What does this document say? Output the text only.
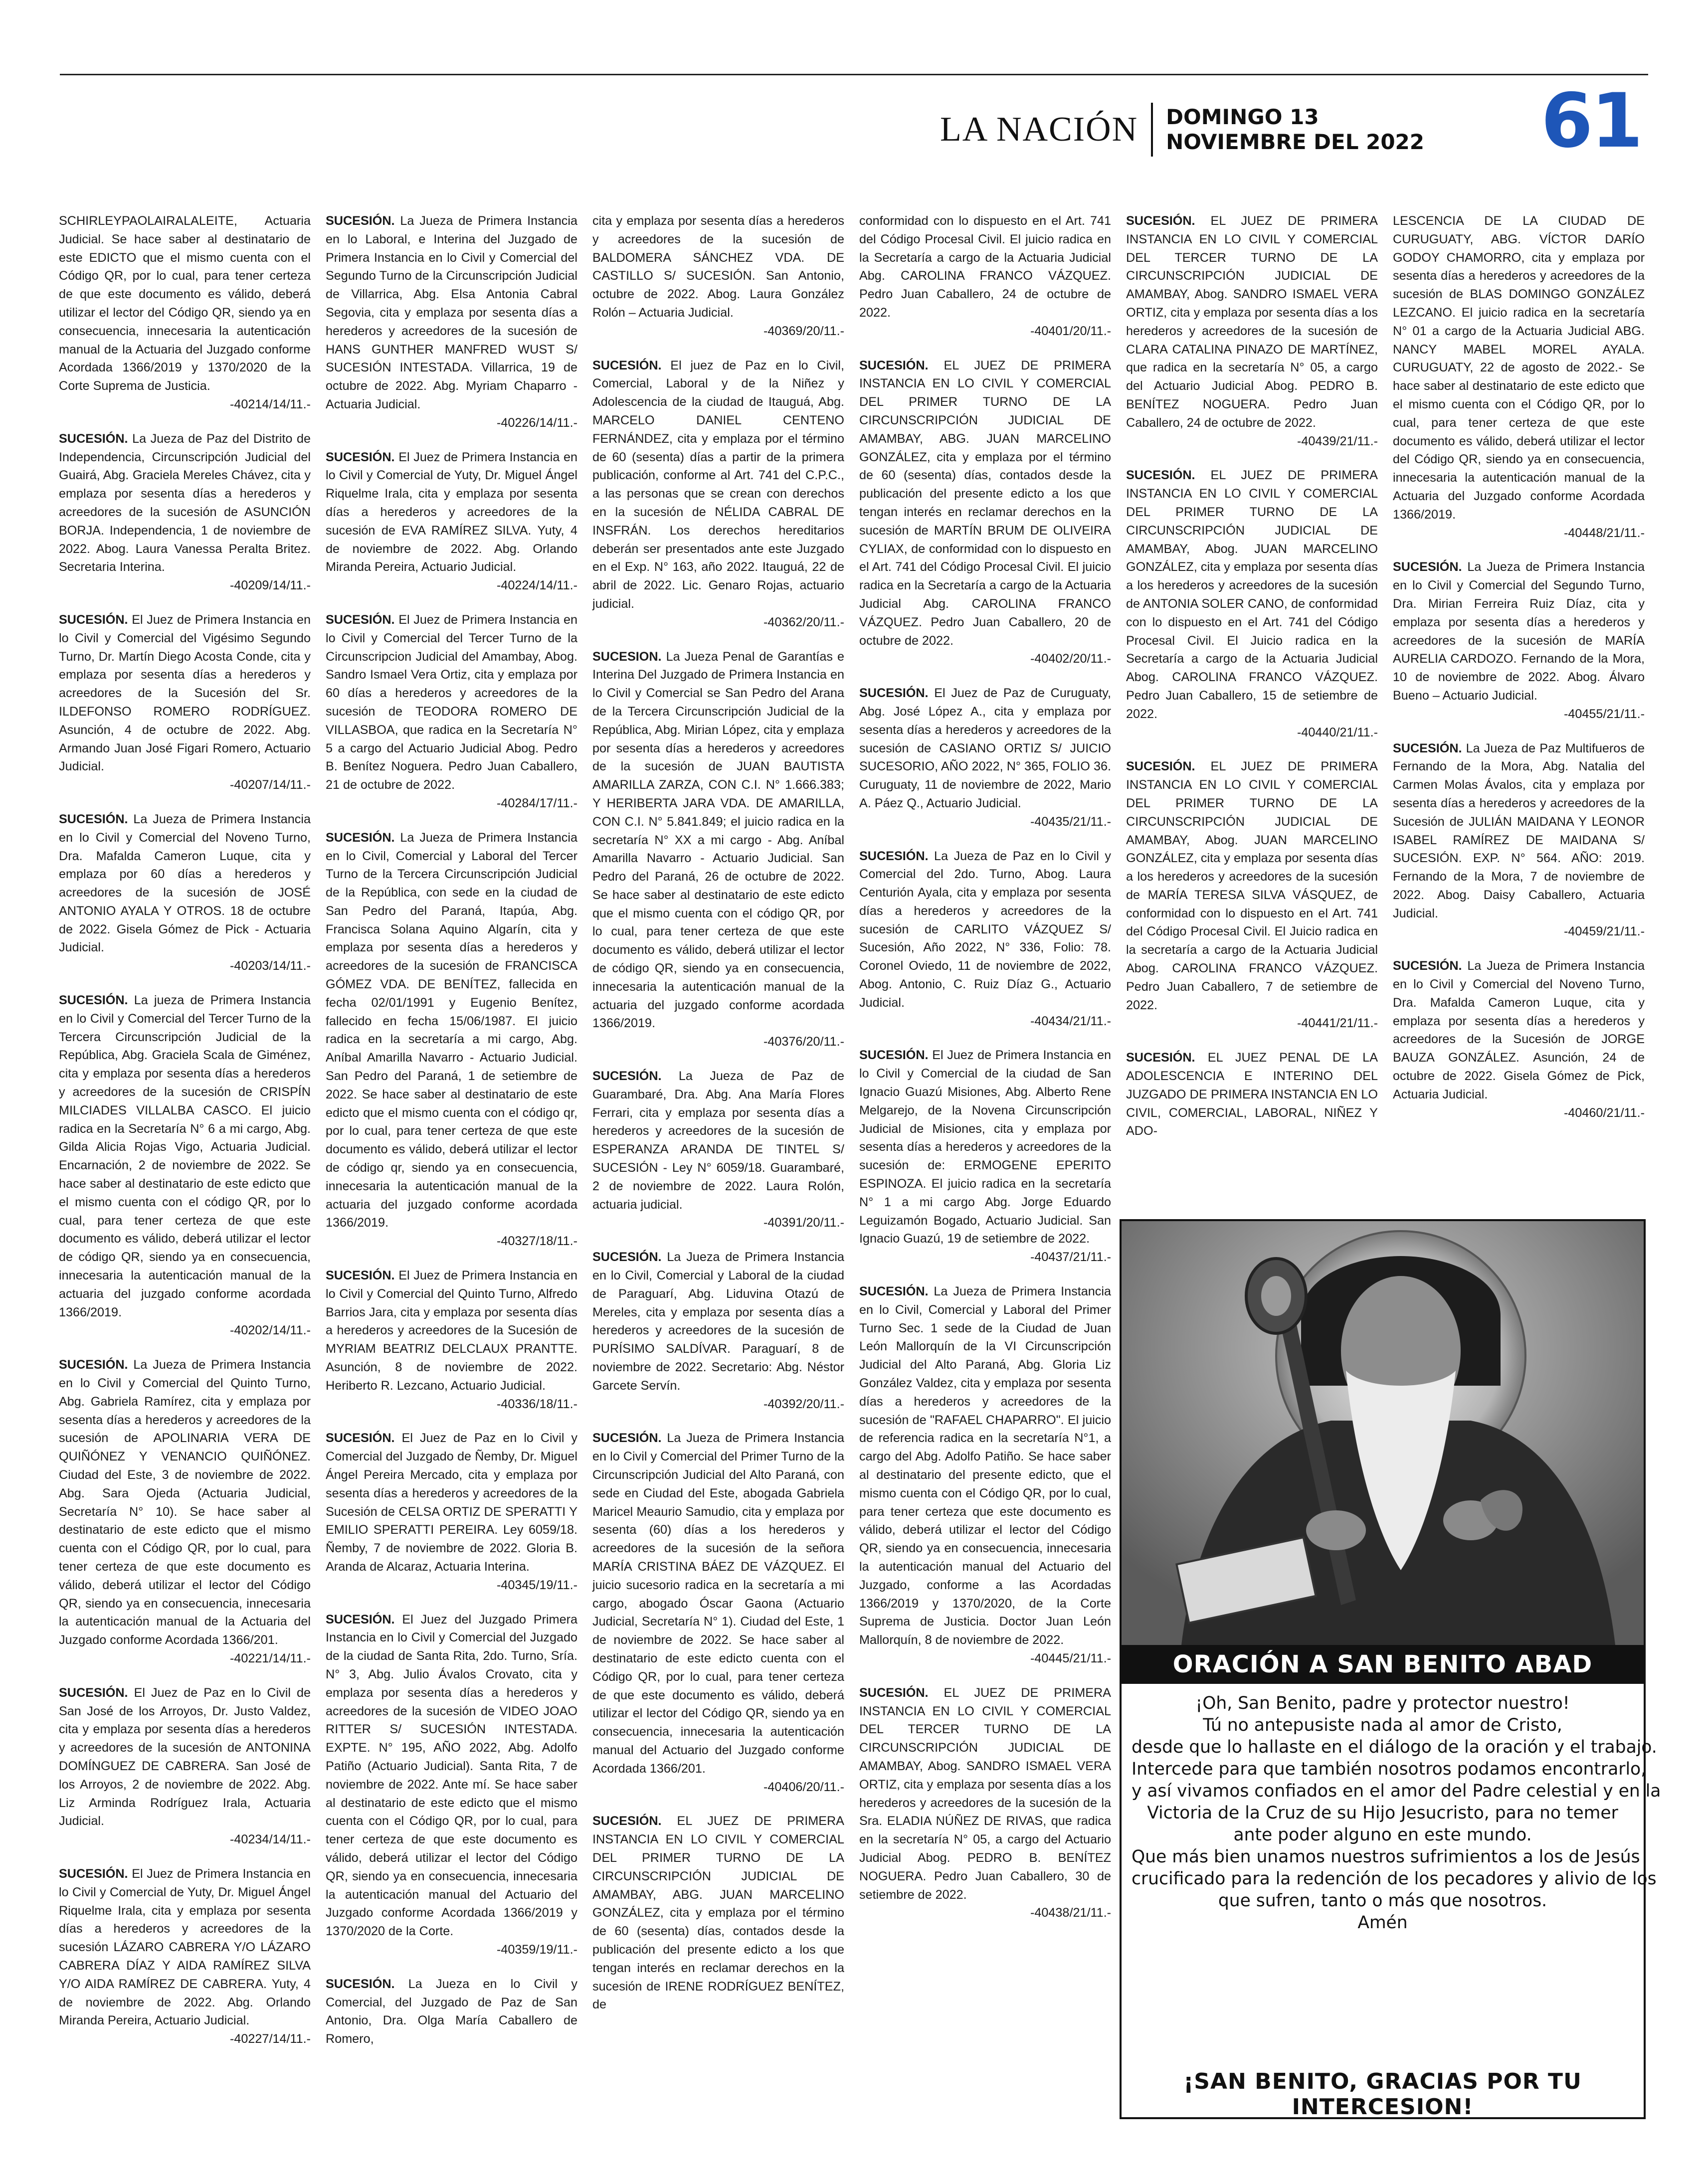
LA NACIÓN DOMINGO 13
NOVIEMBRE DEL 2022 61

SCHIRLEYPAOLAIRALALEITE, Actuaria Judicial. Se hace saber al destinatario de este EDICTO que el mismo cuenta con el Código QR, por lo cual, para tener certeza de que este documento es válido, deberá utilizar el lector del Código QR, siendo ya en consecuencia, innecesaria la autenticación manual de la Actuaria del Juzgado conforme Acordada 1366/2019 y 1370/2020 de la Corte Suprema de Justicia.
-40214/14/11.-

SUCESIÓN. La Jueza de Paz del Distrito de Independencia, Circunscripción Judicial del Guairá, Abg. Graciela Mereles Chávez, cita y emplaza por sesenta días a herederos y acreedores de la sucesión de ASUNCIÓN BORJA. Independencia, 1 de noviembre de 2022. Abog. Laura Vanessa Peralta Britez. Secretaria Interina.
-40209/14/11.-

SUCESIÓN. El Juez de Primera Instancia en lo Civil y Comercial del Vigésimo Segundo Turno, Dr. Martín Diego Acosta Conde, cita y emplaza por sesenta días a herederos y acreedores de la Sucesión del Sr. ILDEFONSO ROMERO RODRÍGUEZ. Asunción, 4 de octubre de 2022. Abg. Armando Juan José Figari Romero, Actuario Judicial.
-40207/14/11.-

SUCESIÓN. La Jueza de Primera Instancia en lo Civil y Comercial del Noveno Turno, Dra. Mafalda Cameron Luque, cita y emplaza por 60 días a herederos y acreedores de la sucesión de JOSÉ ANTONIO AYALA Y OTROS. 18 de octubre de 2022. Gisela Gómez de Pick - Actuaria Judicial.
-40203/14/11.-

SUCESIÓN. La jueza de Primera Instancia en lo Civil y Comercial del Tercer Turno de la Tercera Circunscripción Judicial de la República, Abg. Graciela Scala de Giménez, cita y emplaza por sesenta días a herederos y acreedores de la sucesión de CRISPÍN MILCIADES VILLALBA CASCO. El juicio radica en la Secretaría N° 6 a mi cargo, Abg. Gilda Alicia Rojas Vigo, Actuaria Judicial. Encarnación, 2 de noviembre de 2022. Se hace saber al destinatario de este edicto que el mismo cuenta con el código QR, por lo cual, para tener certeza de que este documento es válido, deberá utilizar el lector de código QR, siendo ya en consecuencia, innecesaria la autenticación manual de la actuaria del juzgado conforme acordada 1366/2019.
-40202/14/11.-

SUCESIÓN. La Jueza de Primera Instancia en lo Civil y Comercial del Quinto Turno, Abg. Gabriela Ramírez, cita y emplaza por sesenta días a herederos y acreedores de la sucesión de APOLINARIA VERA DE QUIÑÓNEZ Y VENANCIO QUIÑÓNEZ. Ciudad del Este, 3 de noviembre de 2022. Abg. Sara Ojeda (Actuaria Judicial, Secretaría N° 10). Se hace saber al destinatario de este edicto que el mismo cuenta con el Código QR, por lo cual, para tener certeza de que este documento es válido, deberá utilizar el lector del Código QR, siendo ya en consecuencia, innecesaria la autenticación manual de la Actuaria del Juzgado conforme Acordada 1366/201.
-40221/14/11.-

SUCESIÓN. El Juez de Paz en lo Civil de San José de los Arroyos, Dr. Justo Valdez, cita y emplaza por sesenta días a herederos y acreedores de la sucesión de ANTONINA DOMÍNGUEZ DE CABRERA. San José de los Arroyos, 2 de noviembre de 2022. Abg. Liz Arminda Rodríguez Irala, Actuaria Judicial.
-40234/14/11.-

SUCESIÓN. El Juez de Primera Instancia en lo Civil y Comercial de Yuty, Dr. Miguel Ángel Riquelme Irala, cita y emplaza por sesenta días a herederos y acreedores de la sucesión LÁZARO CABRERA Y/O LÁZARO CABRERA DÍAZ Y AIDA RAMÍREZ SILVA Y/O AIDA RAMÍREZ DE CABRERA. Yuty, 4 de noviembre de 2022. Abg. Orlando Miranda Pereira, Actuario Judicial.
-40227/14/11.-

SUCESIÓN. La Jueza de Primera Instancia en lo Laboral, e Interina del Juzgado de Primera Instancia en lo Civil y Comercial del Segundo Turno de la Circunscripción Judicial de Villarrica, Abg. Elsa Antonia Cabral Segovia, cita y emplaza por sesenta días a herederos y acreedores de la sucesión de HANS GUNTHER MANFRED WUST S/ SUCESIÓN INTESTADA. Villarrica, 19 de octubre de 2022. Abg. Myriam Chaparro - Actuaria Judicial.
-40226/14/11.-

SUCESIÓN. El Juez de Primera Instancia en lo Civil y Comercial de Yuty, Dr. Miguel Ángel Riquelme Irala, cita y emplaza por sesenta días a herederos y acreedores de la sucesión de EVA RAMÍREZ SILVA. Yuty, 4 de noviembre de 2022. Abg. Orlando Miranda Pereira, Actuario Judicial.
-40224/14/11.-

SUCESIÓN. El Juez de Primera Instancia en lo Civil y Comercial del Tercer Turno de la Circunscripcion Judicial del Amambay, Abog. Sandro Ismael Vera Ortiz, cita y emplaza por 60 días a herederos y acreedores de la sucesión de TEODORA ROMERO DE VILLASBOA, que radica en la Secretaría N° 5 a cargo del Actuario Judicial Abog. Pedro B. Benítez Noguera. Pedro Juan Caballero, 21 de octubre de 2022.
-40284/17/11.-

SUCESIÓN. La Jueza de Primera Instancia en lo Civil, Comercial y Laboral del Tercer Turno de la Tercera Circunscripción Judicial de la República, con sede en la ciudad de San Pedro del Paraná, Itapúa, Abg. Francisca Solana Aquino Algarín, cita y emplaza por sesenta días a herederos y acreedores de la sucesión de FRANCISCA GÓMEZ VDA. DE BENÍTEZ, fallecida en fecha 02/01/1991 y Eugenio Benítez, fallecido en fecha 15/06/1987. El juicio radica en la secretaría a mi cargo, Abg. Aníbal Amarilla Navarro - Actuario Judicial. San Pedro del Paraná, 1 de setiembre de 2022. Se hace saber al destinatario de este edicto que el mismo cuenta con el código qr, por lo cual, para tener certeza de que este documento es válido, deberá utilizar el lector de código qr, siendo ya en consecuencia, innecesaria la autenticación manual de la actuaria del juzgado conforme acordada 1366/2019.
-40327/18/11.-

SUCESIÓN. El Juez de Primera Instancia en lo Civil y Comercial del Quinto Turno, Alfredo Barrios Jara, cita y emplaza por sesenta días a herederos y acreedores de la Sucesión de MYRIAM BEATRIZ DELCLAUX PRANTTE. Asunción, 8 de noviembre de 2022. Heriberto R. Lezcano, Actuario Judicial.
-40336/18/11.-

SUCESIÓN. El Juez de Paz en lo Civil y Comercial del Juzgado de Ñemby, Dr. Miguel Ángel Pereira Mercado, cita y emplaza por sesenta días a herederos y acreedores de la Sucesión de CELSA ORTIZ DE SPERATTI Y EMILIO SPERATTI PEREIRA. Ley 6059/18. Ñemby, 7 de noviembre de 2022. Gloria B. Aranda de Alcaraz, Actuaria Interina.
-40345/19/11.-

SUCESIÓN. El Juez del Juzgado Primera Instancia en lo Civil y Comercial del Juzgado de la ciudad de Santa Rita, 2do. Turno, Sría. N° 3, Abg. Julio Ávalos Crovato, cita y emplaza por sesenta días a herederos y acreedores de la sucesión de VIDEO JOAO RITTER S/ SUCESIÓN INTESTADA. EXPTE. N° 195, AÑO 2022, Abg. Adolfo Patiño (Actuario Judicial). Santa Rita, 7 de noviembre de 2022. Ante mí. Se hace saber al destinatario de este edicto que el mismo cuenta con el Código QR, por lo cual, para tener certeza de que este documento es válido, deberá utilizar el lector del Código QR, siendo ya en consecuencia, innecesaria la autenticación manual del Actuario del Juzgado conforme Acordada 1366/2019 y 1370/2020 de la Corte.
-40359/19/11.-

SUCESIÓN. La Jueza en lo Civil y Comercial, del Juzgado de Paz de San Antonio, Dra. Olga María Caballero de Romero,

cita y emplaza por sesenta días a herederos y acreedores de la sucesión de BALDOMERA SÁNCHEZ VDA. DE CASTILLO S/ SUCESIÓN. San Antonio, octubre de 2022. Abog. Laura González Rolón – Actuaria Judicial.
-40369/20/11.-

SUCESIÓN. El juez de Paz en lo Civil, Comercial, Laboral y de la Niñez y Adolescencia de la ciudad de Itauguá, Abg. MARCELO DANIEL CENTENO FERNÁNDEZ, cita y emplaza por el término de 60 (sesenta) días a partir de la primera publicación, conforme al Art. 741 del C.P.C., a las personas que se crean con derechos en la sucesión de NÉLIDA CABRAL DE INSFRÁN. Los derechos hereditarios deberán ser presentados ante este Juzgado en el Exp. N° 163, año 2022. Itauguá, 22 de abril de 2022. Lic. Genaro Rojas, actuario judicial.
-40362/20/11.-

SUCESION. La Jueza Penal de Garantías e Interina Del Juzgado de Primera Instancia en lo Civil y Comercial se San Pedro del Arana de la Tercera Circunscripción Judicial de la República, Abg. Mirian López, cita y emplaza por sesenta días a herederos y acreedores de la sucesión de JUAN BAUTISTA AMARILLA ZARZA, CON C.I. N° 1.666.383; Y HERIBERTA JARA VDA. DE AMARILLA, CON C.I. N° 5.841.849; el juicio radica en la secretaría N° XX a mi cargo - Abg. Aníbal Amarilla Navarro - Actuario Judicial. San Pedro del Paraná, 26 de octubre de 2022. Se hace saber al destinatario de este edicto que el mismo cuenta con el código QR, por lo cual, para tener certeza de que este documento es válido, deberá utilizar el lector de código QR, siendo ya en consecuencia, innecesaria la autenticación manual de la actuaria del juzgado conforme acordada 1366/2019.
-40376/20/11.-

SUCESIÓN. La Jueza de Paz de Guarambaré, Dra. Abg. Ana María Flores Ferrari, cita y emplaza por sesenta días a herederos y acreedores de la sucesión de ESPERANZA ARANDA DE TINTEL S/ SUCESIÓN - Ley N° 6059/18. Guarambaré, 2 de noviembre de 2022. Laura Rolón, actuaria judicial.
-40391/20/11.-

SUCESIÓN. La Jueza de Primera Instancia en lo Civil, Comercial y Laboral de la ciudad de Paraguarí, Abg. Liduvina Otazú de Mereles, cita y emplaza por sesenta días a herederos y acreedores de la sucesión de PURÍSIMO SALDÍVAR. Paraguarí, 8 de noviembre de 2022. Secretario: Abg. Néstor Garcete Servín.
-40392/20/11.-

SUCESIÓN. La Jueza de Primera Instancia en lo Civil y Comercial del Primer Turno de la Circunscripción Judicial del Alto Paraná, con sede en Ciudad del Este, abogada Gabriela Maricel Meaurio Samudio, cita y emplaza por sesenta (60) días a los herederos y acreedores de la sucesión de la señora MARÍA CRISTINA BÁEZ DE VÁZQUEZ. El juicio sucesorio radica en la secretaría a mi cargo, abogado Óscar Gaona (Actuario Judicial, Secretaría N° 1). Ciudad del Este, 1 de noviembre de 2022. Se hace saber al destinatario de este edicto cuenta con el Código QR, por lo cual, para tener certeza de que este documento es válido, deberá utilizar el lector del Código QR, siendo ya en consecuencia, innecesaria la autenticación manual del Actuario del Juzgado conforme Acordada 1366/201.
-40406/20/11.-

SUCESIÓN. EL JUEZ DE PRIMERA INSTANCIA EN LO CIVIL Y COMERCIAL DEL PRIMER TURNO DE LA CIRCUNSCRIPCIÓN JUDICIAL DE AMAMBAY, ABG. JUAN MARCELINO GONZÁLEZ, cita y emplaza por el término de 60 (sesenta) días, contados desde la publicación del presente edicto a los que tengan interés en reclamar derechos en la sucesión de IRENE RODRÍGUEZ BENÍTEZ, de

conformidad con lo dispuesto en el Art. 741 del Código Procesal Civil. El juicio radica en la Secretaría a cargo de la Actuaria Judicial Abg. CAROLINA FRANCO VÁZQUEZ. Pedro Juan Caballero, 24 de octubre de 2022.
-40401/20/11.-

SUCESIÓN. EL JUEZ DE PRIMERA INSTANCIA EN LO CIVIL Y COMERCIAL DEL PRIMER TURNO DE LA CIRCUNSCRIPCIÓN JUDICIAL DE AMAMBAY, ABG. JUAN MARCELINO GONZÁLEZ, cita y emplaza por el término de 60 (sesenta) días, contados desde la publicación del presente edicto a los que tengan interés en reclamar derechos en la sucesión de MARTÍN BRUM DE OLIVEIRA CYLIAX, de conformidad con lo dispuesto en el Art. 741 del Código Procesal Civil. El juicio radica en la Secretaría a cargo de la Actuaria Judicial Abg. CAROLINA FRANCO VÁZQUEZ. Pedro Juan Caballero, 20 de octubre de 2022.
-40402/20/11.-

SUCESIÓN. El Juez de Paz de Curuguaty, Abg. José López A., cita y emplaza por sesenta días a herederos y acreedores de la sucesión de CASIANO ORTIZ S/ JUICIO SUCESORIO, AÑO 2022, N° 365, FOLIO 36. Curuguaty, 11 de noviembre de 2022, Mario A. Páez Q., Actuario Judicial.
-40435/21/11.-

SUCESIÓN. La Jueza de Paz en lo Civil y Comercial del 2do. Turno, Abog. Laura Centurión Ayala, cita y emplaza por sesenta días a herederos y acreedores de la sucesión de CARLITO VÁZQUEZ S/ Sucesión, Año 2022, N° 336, Folio: 78. Coronel Oviedo, 11 de noviembre de 2022, Abog. Antonio, C. Ruiz Díaz G., Actuario Judicial.
-40434/21/11.-

SUCESIÓN. El Juez de Primera Instancia en lo Civil y Comercial de la ciudad de San Ignacio Guazú Misiones, Abg. Alberto Rene Melgarejo, de la Novena Circunscripción Judicial de Misiones, cita y emplaza por sesenta días a herederos y acreedores de la sucesión de: ERMOGENE EPERITO ESPINOZA. El juicio radica en la secretaría N° 1 a mi cargo Abg. Jorge Eduardo Leguizamón Bogado, Actuario Judicial. San Ignacio Guazú, 19 de setiembre de 2022.
-40437/21/11.-

SUCESIÓN. La Jueza de Primera Instancia en lo Civil, Comercial y Laboral del Primer Turno Sec. 1 sede de la Ciudad de Juan León Mallorquín de la VI Circunscripción Judicial del Alto Paraná, Abg. Gloria Liz González Valdez, cita y emplaza por sesenta días a herederos y acreedores de la sucesión de "RAFAEL CHAPARRO". El juicio de referencia radica en la secretaría N°1, a cargo del Abg. Adolfo Patiño. Se hace saber al destinatario del presente edicto, que el mismo cuenta con el Código QR, por lo cual, para tener certeza que este documento es válido, deberá utilizar el lector del Código QR, siendo ya en consecuencia, innecesaria la autenticación manual del Actuario del Juzgado, conforme a las Acordadas 1366/2019 y 1370/2020, de la Corte Suprema de Justicia. Doctor Juan León Mallorquín, 8 de noviembre de 2022.
-40445/21/11.-

SUCESIÓN. EL JUEZ DE PRIMERA INSTANCIA EN LO CIVIL Y COMERCIAL DEL TERCER TURNO DE LA CIRCUNSCRIPCIÓN JUDICIAL DE AMAMBAY, Abog. SANDRO ISMAEL VERA ORTIZ, cita y emplaza por sesenta días a los herederos y acreedores de la sucesión de la Sra. ELADIA NÚÑEZ DE RIVAS, que radica en la secretaría N° 05, a cargo del Actuario Judicial Abog. PEDRO B. BENÍTEZ NOGUERA. Pedro Juan Caballero, 30 de setiembre de 2022.
-40438/21/11.-

SUCESIÓN. EL JUEZ DE PRIMERA INSTANCIA EN LO CIVIL Y COMERCIAL DEL TERCER TURNO DE LA CIRCUNSCRIPCIÓN JUDICIAL DE AMAMBAY, Abog. SANDRO ISMAEL VERA ORTIZ, cita y emplaza por sesenta días a los herederos y acreedores de la sucesión de CLARA CATALINA PINAZO DE MARTÍNEZ, que radica en la secretaría N° 05, a cargo del Actuario Judicial Abog. PEDRO B. BENÍTEZ NOGUERA. Pedro Juan Caballero, 24 de octubre de 2022.
-40439/21/11.-

SUCESIÓN. EL JUEZ DE PRIMERA INSTANCIA EN LO CIVIL Y COMERCIAL DEL PRIMER TURNO DE LA CIRCUNSCRIPCIÓN JUDICIAL DE AMAMBAY, Abog. JUAN MARCELINO GONZÁLEZ, cita y emplaza por sesenta días a los herederos y acreedores de la sucesión de ANTONIA SOLER CANO, de conformidad con lo dispuesto en el Art. 741 del Código Procesal Civil. El Juicio radica en la Secretaría a cargo de la Actuaria Judicial Abog. CAROLINA FRANCO VÁZQUEZ. Pedro Juan Caballero, 15 de setiembre de 2022.
-40440/21/11.-

SUCESIÓN. EL JUEZ DE PRIMERA INSTANCIA EN LO CIVIL Y COMERCIAL DEL PRIMER TURNO DE LA CIRCUNSCRIPCIÓN JUDICIAL DE AMAMBAY, Abog. JUAN MARCELINO GONZÁLEZ, cita y emplaza por sesenta días a los herederos y acreedores de la sucesión de MARÍA TERESA SILVA VÁSQUEZ, de conformidad con lo dispuesto en el Art. 741 del Código Procesal Civil. El Juicio radica en la secretaría a cargo de la Actuaria Judicial Abog. CAROLINA FRANCO VÁZQUEZ. Pedro Juan Caballero, 7 de setiembre de 2022.
-40441/21/11.-

SUCESIÓN. EL JUEZ PENAL DE LA ADOLESCENCIA E INTERINO DEL JUZGADO DE PRIMERA INSTANCIA EN LO CIVIL, COMERCIAL, LABORAL, NIÑEZ Y ADO-

LESCENCIA DE LA CIUDAD DE CURUGUATY, ABG. VÍCTOR DARÍO GODOY CHAMORRO, cita y emplaza por sesenta días a herederos y acreedores de la sucesión de BLAS DOMINGO GONZÁLEZ LEZCANO. El juicio radica en la secretaría N° 01 a cargo de la Actuaria Judicial ABG. NANCY MABEL MOREL AYALA. CURUGUATY, 22 de agosto de 2022.- Se hace saber al destinatario de este edicto que el mismo cuenta con el Código QR, por lo cual, para tener certeza de que este documento es válido, deberá utilizar el lector del Código QR, siendo ya en consecuencia, innecesaria la autenticación manual de la Actuaria del Juzgado conforme Acordada 1366/2019.
-40448/21/11.-

SUCESIÓN. La Jueza de Primera Instancia en lo Civil y Comercial del Segundo Turno, Dra. Mirian Ferreira Ruiz Díaz, cita y emplaza por sesenta días a herederos y acreedores de la sucesión de MARÍA AURELIA CARDOZO. Fernando de la Mora, 10 de noviembre de 2022. Abog. Álvaro Bueno – Actuario Judicial.
-40455/21/11.-

SUCESIÓN. La Jueza de Paz Multifueros de Fernando de la Mora, Abg. Natalia del Carmen Molas Ávalos, cita y emplaza por sesenta días a herederos y acreedores de la Sucesión de JULIÁN MAIDANA Y LEONOR ISABEL RAMÍREZ DE MAIDANA S/ SUCESIÓN. EXP. N° 564. AÑO: 2019. Fernando de la Mora, 7 de noviembre de 2022. Abog. Daisy Caballero, Actuaria Judicial.
-40459/21/11.-

SUCESIÓN. La Jueza de Primera Instancia en lo Civil y Comercial del Noveno Turno, Dra. Mafalda Cameron Luque, cita y emplaza por sesenta días a herederos y acreedores de la Sucesión de JORGE BAUZA GONZÁLEZ. Asunción, 24 de octubre de 2022. Gisela Gómez de Pick, Actuaria Judicial.
-40460/21/11.-

ORACIÓN A SAN BENITO ABAD
¡Oh, San Benito, padre y protector nuestro!
Tú no antepusiste nada al amor de Cristo,
desde que lo hallaste en el diálogo de la oración y el trabajo.
Intercede para que también nosotros podamos encontrarlo,
y así vivamos confiados en el amor del Padre celestial y en la
Victoria de la Cruz de su Hijo Jesucristo, para no temer
ante poder alguno en este mundo.
Que más bien unamos nuestros sufrimientos a los de Jesús
crucificado para la redención de los pecadores y alivio de los
que sufren, tanto o más que nosotros.
Amén
¡SAN BENITO, GRACIAS POR TU INTERCESION!
